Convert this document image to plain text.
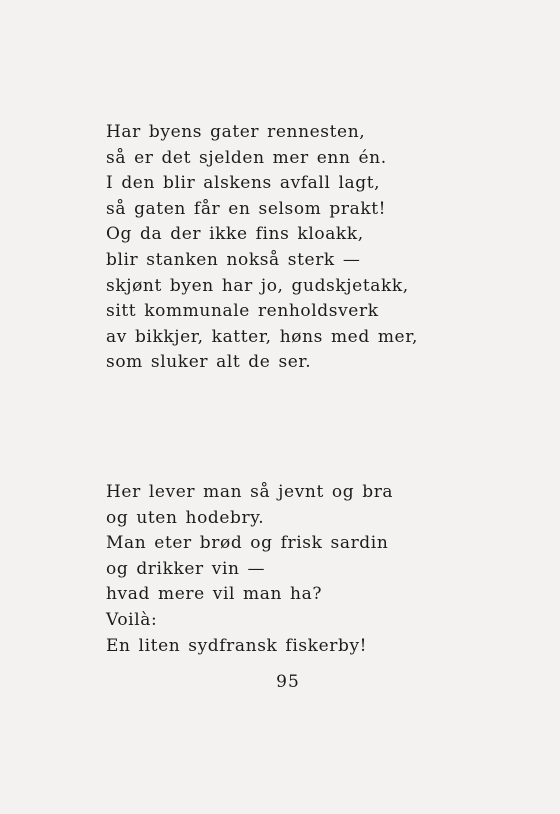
Har byens gater rennesten,
så er det sjelden mer enn én.
I den blir alskens avfall lagt,
så gaten får en selsom prakt!
Og da der ikke fins kloakk,
blir stanken nokså sterk —
skjønt byen har jo, gudskjetakk,
sitt kommunale renholdsverk
av bikkjer, katter, høns med mer,
som sluker alt de ser.
Her lever man så jevnt og bra
og uten hodebry.
Man eter brød og frisk sardin
og drikker vin —
hvad mere vil man ha?
Voilà:
En liten sydfransk fiskerby!
95
